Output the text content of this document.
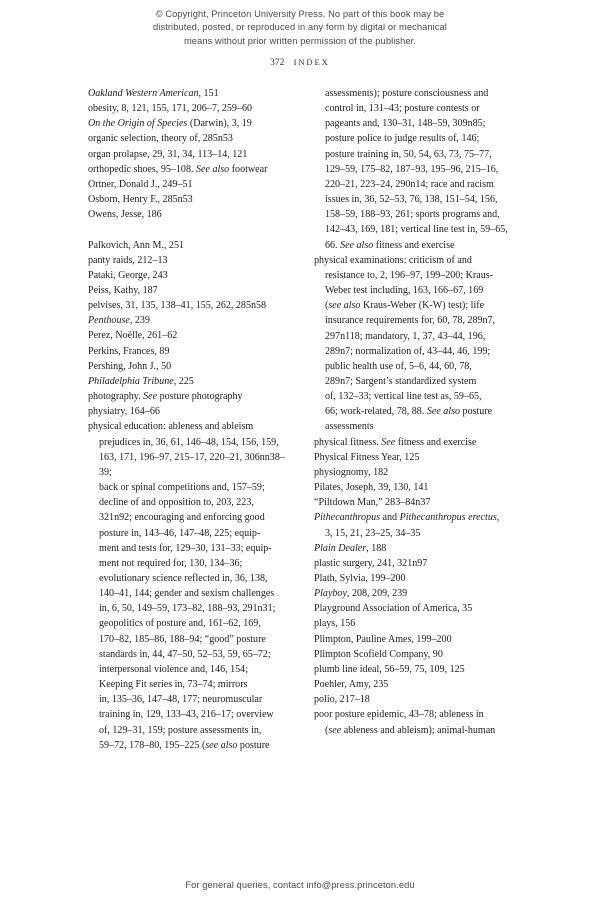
© Copyright, Princeton University Press. No part of this book may be
distributed, posted, or reproduced in any form by digital or mechanical
means without prior written permission of the publisher.
372 INDEX
Oakland Western American, 151
obesity, 8, 121, 155, 171, 206–7, 259–60
On the Origin of Species (Darwin), 3, 19
organic selection, theory of, 285n53
organ prolapse, 29, 31, 34, 113–14, 121
orthopedic shoes, 95–108. See also footwear
Ortner, Donald J., 249–51
Osborn, Henry F., 285n53
Owens, Jesse, 186
Palkovich, Ann M., 251
panty raids, 212–13
Pataki, George, 243
Peiss, Kathy, 187
pelvises, 31, 135, 138–41, 155, 262, 285n58
Penthouse, 239
Perez, Noëlle, 261–62
Perkins, Frances, 89
Pershing, John J., 50
Philadelphia Tribune, 225
photography. See posture photography
physiatry, 164–66
physical education: ableness and ableism
prejudices in, 36, 61, 146–48, 154, 156, 159,
163, 171, 196–97, 215–17, 220–21, 306nn38–39;
back or spinal competitions and, 157–59;
decline of and opposition to, 203, 223,
321n92; encouraging and enforcing good
posture in, 143–46, 147–48, 225; equip-
ment and tests for, 129–30, 131–33; equip-
ment not required for, 130, 134–36;
evolutionary science reflected in, 36, 138,
140–41, 144; gender and sexism challenges
in, 6, 50, 149–59, 173–82, 188–93, 291n31;
geopolitics of posture and, 161–62, 169,
170–82, 185–86, 188–94; “good” posture
standards in, 44, 47–50, 52–53, 59, 65–72;
interpersonal violence and, 146, 154;
Keeping Fit series in, 73–74; mirrors
in, 135–36, 147–48, 177; neuromuscular
training in, 129, 133–43, 216–17; overview
of, 129–31, 159; posture assessments in,
59–72, 178–80, 195–225 (see also posture
assessments); posture consciousness and
control in, 131–43; posture contests or
pageants and, 130–31, 148–59, 309n85;
posture police to judge results of, 146;
posture training in, 50, 54, 63, 73, 75–77,
129–59, 175–82, 187–93, 195–96, 215–16,
220–21, 223–24, 290n14; race and racism
issues in, 36, 52–53, 76, 138, 151–54, 156,
158–59, 188–93, 261; sports programs and,
142–43, 169, 181; vertical line test in, 59–65,
66. See also fitness and exercise
physical examinations: criticism of and
resistance to, 2, 196–97, 199–200; Kraus-
Weber test including, 163, 166–67, 169
(see also Kraus-Weber (K-W) test); life
insurance requirements for, 60, 78, 289n7,
297n118; mandatory, 1, 37, 43–44, 196,
289n7; normalization of, 43–44, 46, 199;
public health use of, 5–6, 44, 60, 78,
289n7; Sargent’s standardized system
of, 132–33; vertical line test as, 59–65,
66; work-related, 78, 88. See also posture
assessments
physical fitness. See fitness and exercise
Physical Fitness Year, 125
physiognomy, 182
Pilates, Joseph, 39, 130, 141
“Piltdown Man,” 283–84n37
Pithecanthropus and Pithecanthropus erectus,
3, 15, 21, 23–25, 34–35
Plain Dealer, 188
plastic surgery, 241, 321n97
Plath, Sylvia, 199–200
Playboy, 208, 209, 239
Playground Association of America, 35
plays, 156
Plimpton, Pauline Ames, 199–200
Plimpton Scofield Company, 90
plumb line ideal, 56–59, 75, 109, 125
Poehler, Amy, 235
polio, 217–18
poor posture epidemic, 43–78; ableness in
(see ableness and ableism); animal-human
For general queries, contact info@press.princeton.edu
